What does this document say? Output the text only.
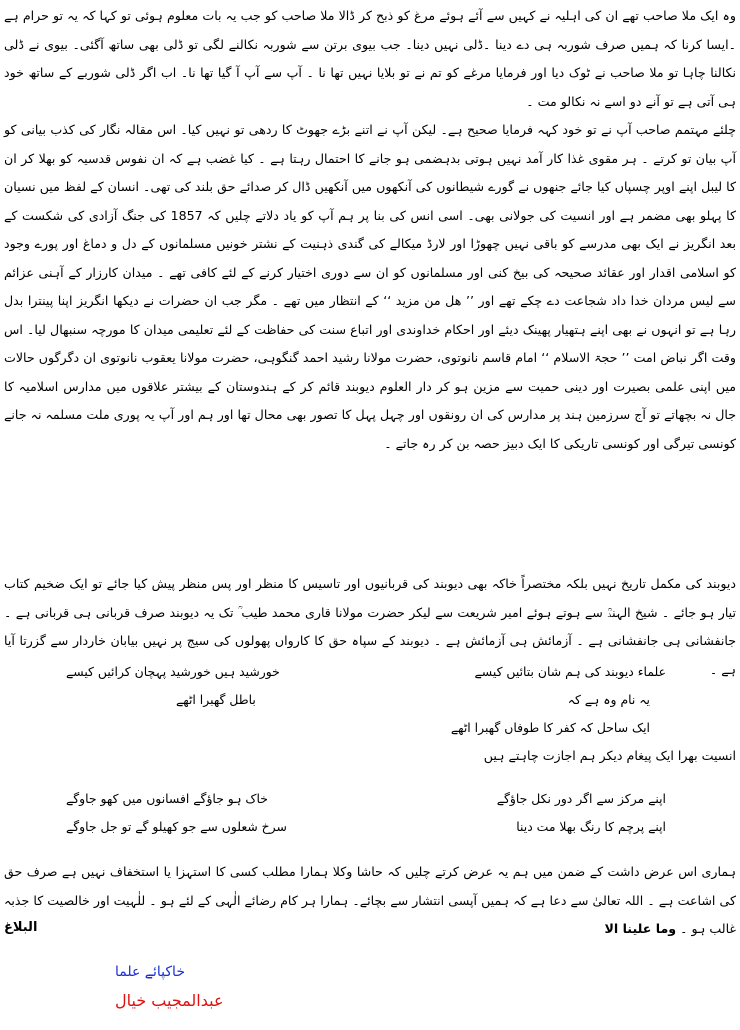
وہ ایک ملا صاحب تھے ان کی اہلیہ نے کہیں سے آئے ہوئے مرغ کو ذبح کر ڈالا ملا صاحب کو جب یہ بات معلوم ہوئی تو کہا کہ یہ تو حرام ہے ۔ایسا کرنا کہ ہمیں صرف شوربہ ہی دے دینا ۔ڈلی نہیں دینا۔ جب بیوی برتن سے شوربہ نکالنے لگی تو ڈلی بھی ساتھ آگئی۔ بیوی نے ڈلی نکالنا چاہا تو ملا صاحب نے ٹوک دیا اور فرمایا مرغے کو تم نے تو بلایا نہیں تھا نا ۔ آپ سے آپ آ گیا تھا نا۔ اب اگر ڈلی شوربے کے ساتھ خود ہی آتی ہے تو آنے دو اسے نہ نکالو مت ۔
چلئے مہتمم صاحب آپ نے تو خود کہہ فرمایا صحیح ہے۔ لیکن آپ نے اتنے بڑے جھوٹ کا ردھی تو نہیں کیا۔ اس مقالہ نگار کی کذب بیانی کو آپ بیان تو کرتے ۔ ہر مقوی غذا کار آمد نہیں ہوتی بدہضمی ہو جانے کا احتمال رہتا ہے ۔ کیا غضب ہے کہ ان نفوس قدسیہ کو بھلا کر ان کا لیبل اپنے اوپر چسپاں کیا جائے جنھوں نے گورے شیطانوں کی آنکھوں میں آنکھیں ڈال کر صدائے حق بلند کی تھی۔ انسان کے لفظ میں نسیان کا پہلو بھی مضمر ہے اور انسیت کی جولانی بھی۔ اسی انس کی بنا پر ہم آپ کو یاد دلاتے چلیں کہ 1857 کی جنگ آزادی کی شکست کے بعد انگریز نے ایک بھی مدرسے کو باقی نہیں چھوڑا اور لارڈ میکالے کی گندی ذہنیت کے نشتر خونیں مسلمانوں کے دل و دماغ اور پورے وجود کو اسلامی اقدار اور عقائد صحیحہ کی بیخ کنی اور مسلمانوں کو ان سے دوری اختیار کرنے کے لئے کافی تھے ۔ میدان کارزار کے آہنی عزائم سے لیس مردان خدا داد شجاعت دے چکے تھے اور ’’ ھل من مزید ‘‘ کے انتظار میں تھے ۔ مگر جب ان حضرات نے دیکھا انگریز اپنا پینترا بدل رہا ہے تو انہوں نے بھی اپنے ہتھیار پھینک دیئے اور احکام خداوندی اور اتباع سنت کی حفاظت کے لئے تعلیمی میدان کا مورچہ سنبھال لیا۔ اس وقت اگر نباض امت ’’ حجۃ الاسلام ‘‘ امام قاسم نانوتوی، حضرت مولانا رشید احمد گنگوہی، حضرت مولانا یعقوب نانوتوی ان دگرگوں حالات میں اپنی علمی بصیرت اور دینی حمیت سے مزین ہو کر دار العلوم دیوبند قائم کر کے ہندوستان کے بیشتر علاقوں میں مدارس اسلامیہ کا جال نہ بچھاتے تو آج سرزمین ہند پر مدارس کی ان رونقوں اور چہل پہل کا تصور بھی محال تھا اور ہم اور آپ یہ پوری ملت مسلمہ نہ جانے کونسی تیرگی اور کونسی تاریکی کا ایک دبیز حصہ بن کر رہ جاتے ۔
دیوبند کی مکمل تاریخ نہیں بلکہ مختصراً خاکہ بھی دیوبند کی قربانیوں اور تاسیس کا منظر اور پس منظر پیش کیا جائے تو ایک ضخیم کتاب تیار ہو جائے ۔ شیخ الہندؒ سے ہوتے ہوئے امیر شریعت سے لیکر حضرت مولانا قاری محمد طیب ؒ تک یہ دیوبند صرف قربانی ہی قربانی ہے ۔ جانفشانی ہی جانفشانی ہے ۔ آزمائش ہی آزمائش ہے ۔ دیوبند کے سپاہ حق کا کارواں پھولوں کی سیج پر نہیں بیابان خاردار سے گزرتا آیا ہے ۔
علماء دیوبند کی ہم شان بتائیں کیسے
خورشید ہیں خورشید پہچان کرائیں کیسے
یہ نام وہ ہے کہ
باطل گھبرا اٹھے
ایک ساحل کہ کفر کا طوفاں گھبرا اٹھے
انسیت بھرا ایک پیغام دیکر ہم اجازت چاہتے ہیں
اپنے مرکز سے اگر دور نکل جاؤگے
خاک ہو جاؤگے افسانوں میں کھو جاوگے
اپنے پرچم کا رنگ بھلا مت دینا
سرخ شعلوں سے جو کھیلو گے تو جل جاوگے
ہماری اس عرض داشت کے ضمن میں ہم یہ عرض کرتے چلیں کہ حاشا وکلا ہمارا مطلب کسی کا استہزا یا استخفاف نہیں ہے صرف حق کی اشاعت ہے ۔ اللہ تعالیٰ سے دعا ہے کہ ہمیں آپسی انتشار سے بچائے۔ ہمارا ہر کام رضائے الٰہی کے لئے ہو ۔ للٰہیت اور خالصیت کا جذبہ غالب ہو ۔ وما علینا الا
البلاغ
خاکپائے علما
عبدالمجیب خیال
